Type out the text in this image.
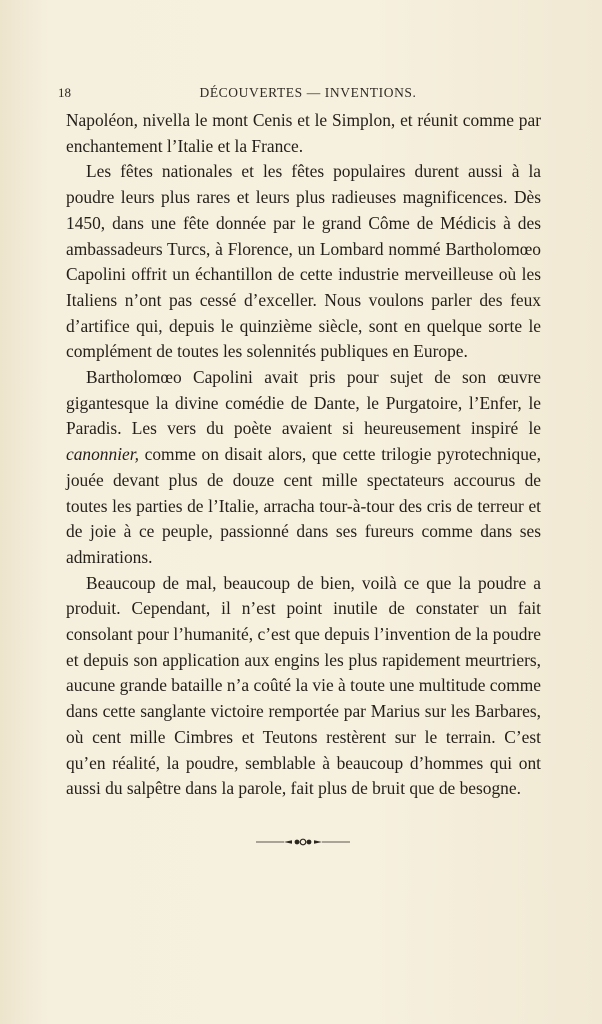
18	DÉCOUVERTES — INVENTIONS.

Napoléon, nivella le mont Cenis et le Simplon, et réunit comme par enchantement l’Italie et la France.

Les fêtes nationales et les fêtes populaires durent aussi à la poudre leurs plus rares et leurs plus radieuses magnificences. Dès 1450, dans une fête donnée par le grand Côme de Médicis à des ambassadeurs Turcs, à Florence, un Lombard nommé Bartholomœo Capolini offrit un échantillon de cette industrie merveilleuse où les Italiens n’ont pas cessé d’exceller. Nous voulons parler des feux d’artifice qui, depuis le quinzième siècle, sont en quelque sorte le complément de toutes les solennités publiques en Europe.

Bartholomœo Capolini avait pris pour sujet de son œuvre gigantesque la divine comédie de Dante, le Purgatoire, l’Enfer, le Paradis. Les vers du poète avaient si heureusement inspiré le canonnier, comme on disait alors, que cette trilogie pyrotechnique, jouée devant plus de douze cent mille spectateurs accourus de toutes les parties de l’Italie, arracha tour-à-tour des cris de terreur et de joie à ce peuple, passionné dans ses fureurs comme dans ses admirations.

Beaucoup de mal, beaucoup de bien, voilà ce que la poudre a produit. Cependant, il n’est point inutile de constater un fait consolant pour l’humanité, c’est que depuis l’invention de la poudre et depuis son application aux engins les plus rapidement meurtriers, aucune grande bataille n’a coûté la vie à toute une multitude comme dans cette sanglante victoire remportée par Marius sur les Barbares, où cent mille Cimbres et Teutons restèrent sur le terrain. C’est qu’en réalité, la poudre, semblable à beaucoup d’hommes qui ont aussi du salpêtre dans la parole, fait plus de bruit que de besogne.
